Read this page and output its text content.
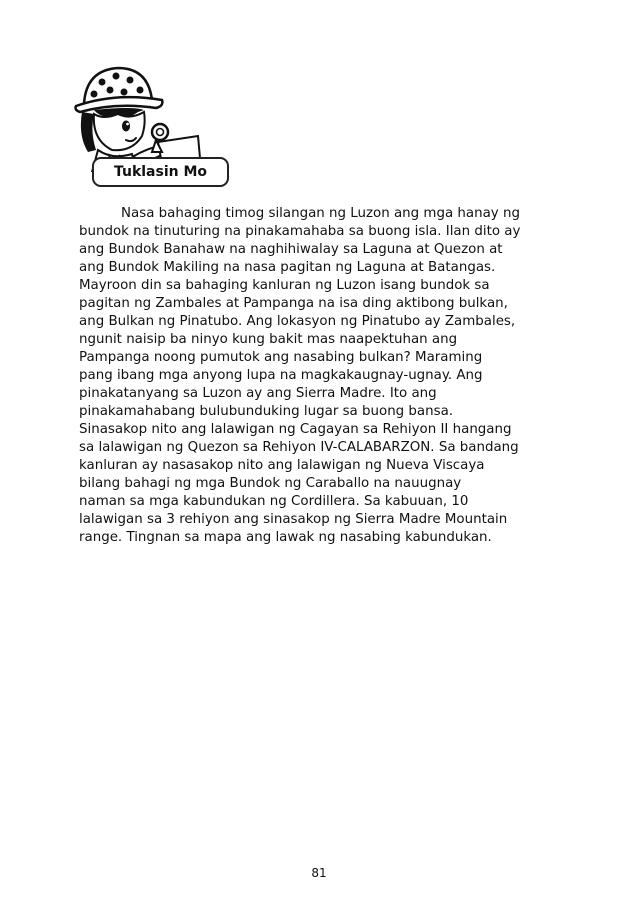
Tuklasin Mo

Nasa bahaging timog silangan ng Luzon ang mga hanay ng
bundok na tinuturing na pinakamahaba sa buong isla. Ilan dito ay
ang Bundok Banahaw na naghihiwalay sa Laguna at Quezon at
ang Bundok Makiling na nasa pagitan ng Laguna at Batangas.
Mayroon din sa bahaging kanluran ng Luzon isang bundok sa
pagitan ng Zambales at Pampanga na isa ding aktibong bulkan,
ang Bulkan ng Pinatubo. Ang lokasyon ng Pinatubo ay Zambales,
ngunit naisip ba ninyo kung bakit mas naapektuhan ang
Pampanga noong pumutok ang nasabing bulkan? Maraming
pang ibang mga anyong lupa na magkakaugnay-ugnay. Ang
pinakatanyang sa Luzon ay ang Sierra Madre. Ito ang
pinakamahabang bulubunduking lugar sa buong bansa.
Sinasakop nito ang lalawigan ng Cagayan sa Rehiyon II hangang
sa lalawigan ng Quezon sa Rehiyon IV-CALABARZON. Sa bandang
kanluran ay nasasakop nito ang lalawigan ng Nueva Viscaya
bilang bahagi ng mga Bundok ng Caraballo na nauugnay
naman sa mga kabundukan ng Cordillera. Sa kabuuan, 10
lalawigan sa 3 rehiyon ang sinasakop ng Sierra Madre Mountain
range. Tingnan sa mapa ang lawak ng nasabing kabundukan.

81
